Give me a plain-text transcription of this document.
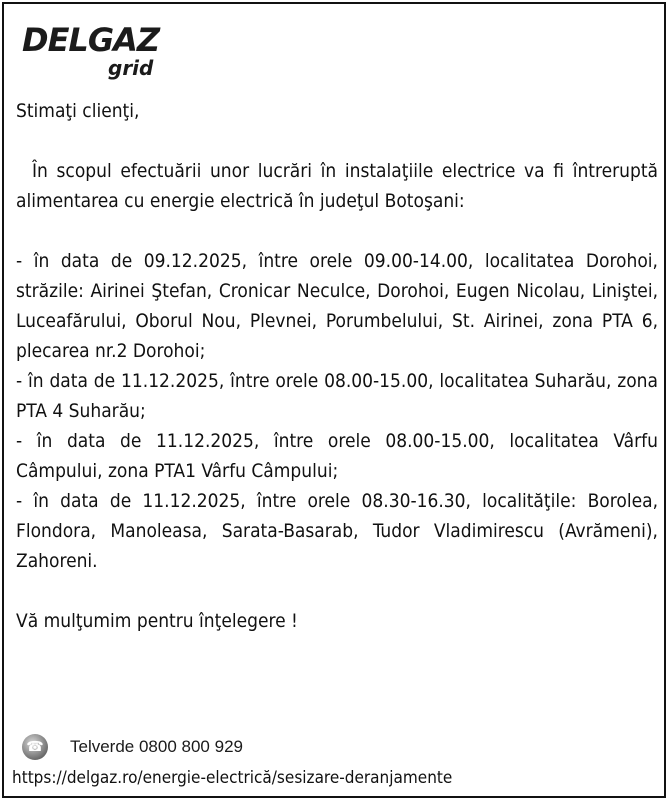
DELGAZ
grid

Stimaţi clienţi,

În scopul efectuării unor lucrări în instalaţiile electrice va fi întreruptă alimentarea cu energie electrică în judeţul Botoşani:

- în data de 09.12.2025, între orele 09.00-14.00, localitatea Dorohoi, străzile: Airinei Ştefan, Cronicar Neculce, Dorohoi, Eugen Nicolau, Liniştei, Luceafărului, Oborul Nou, Plevnei, Porumbelului, St. Airinei, zona PTA 6, plecarea nr.2 Dorohoi;

- în data de 11.12.2025, între orele 08.00-15.00, localitatea Suharău, zona PTA 4 Suharău;

- în data de 11.12.2025, între orele 08.00-15.00, localitatea Vârfu Câmpului, zona PTA1 Vârfu Câmpului;

- în data de 11.12.2025, între orele 08.30-16.30, localităţile: Borolea, Flondora, Manoleasa, Sarata-Basarab, Tudor Vladimirescu (Avrămeni), Zahoreni.

Vă mulţumim pentru înţelegere !

☎ Telverde 0800 800 929
https://delgaz.ro/energie-electrică/sesizare-deranjamente
